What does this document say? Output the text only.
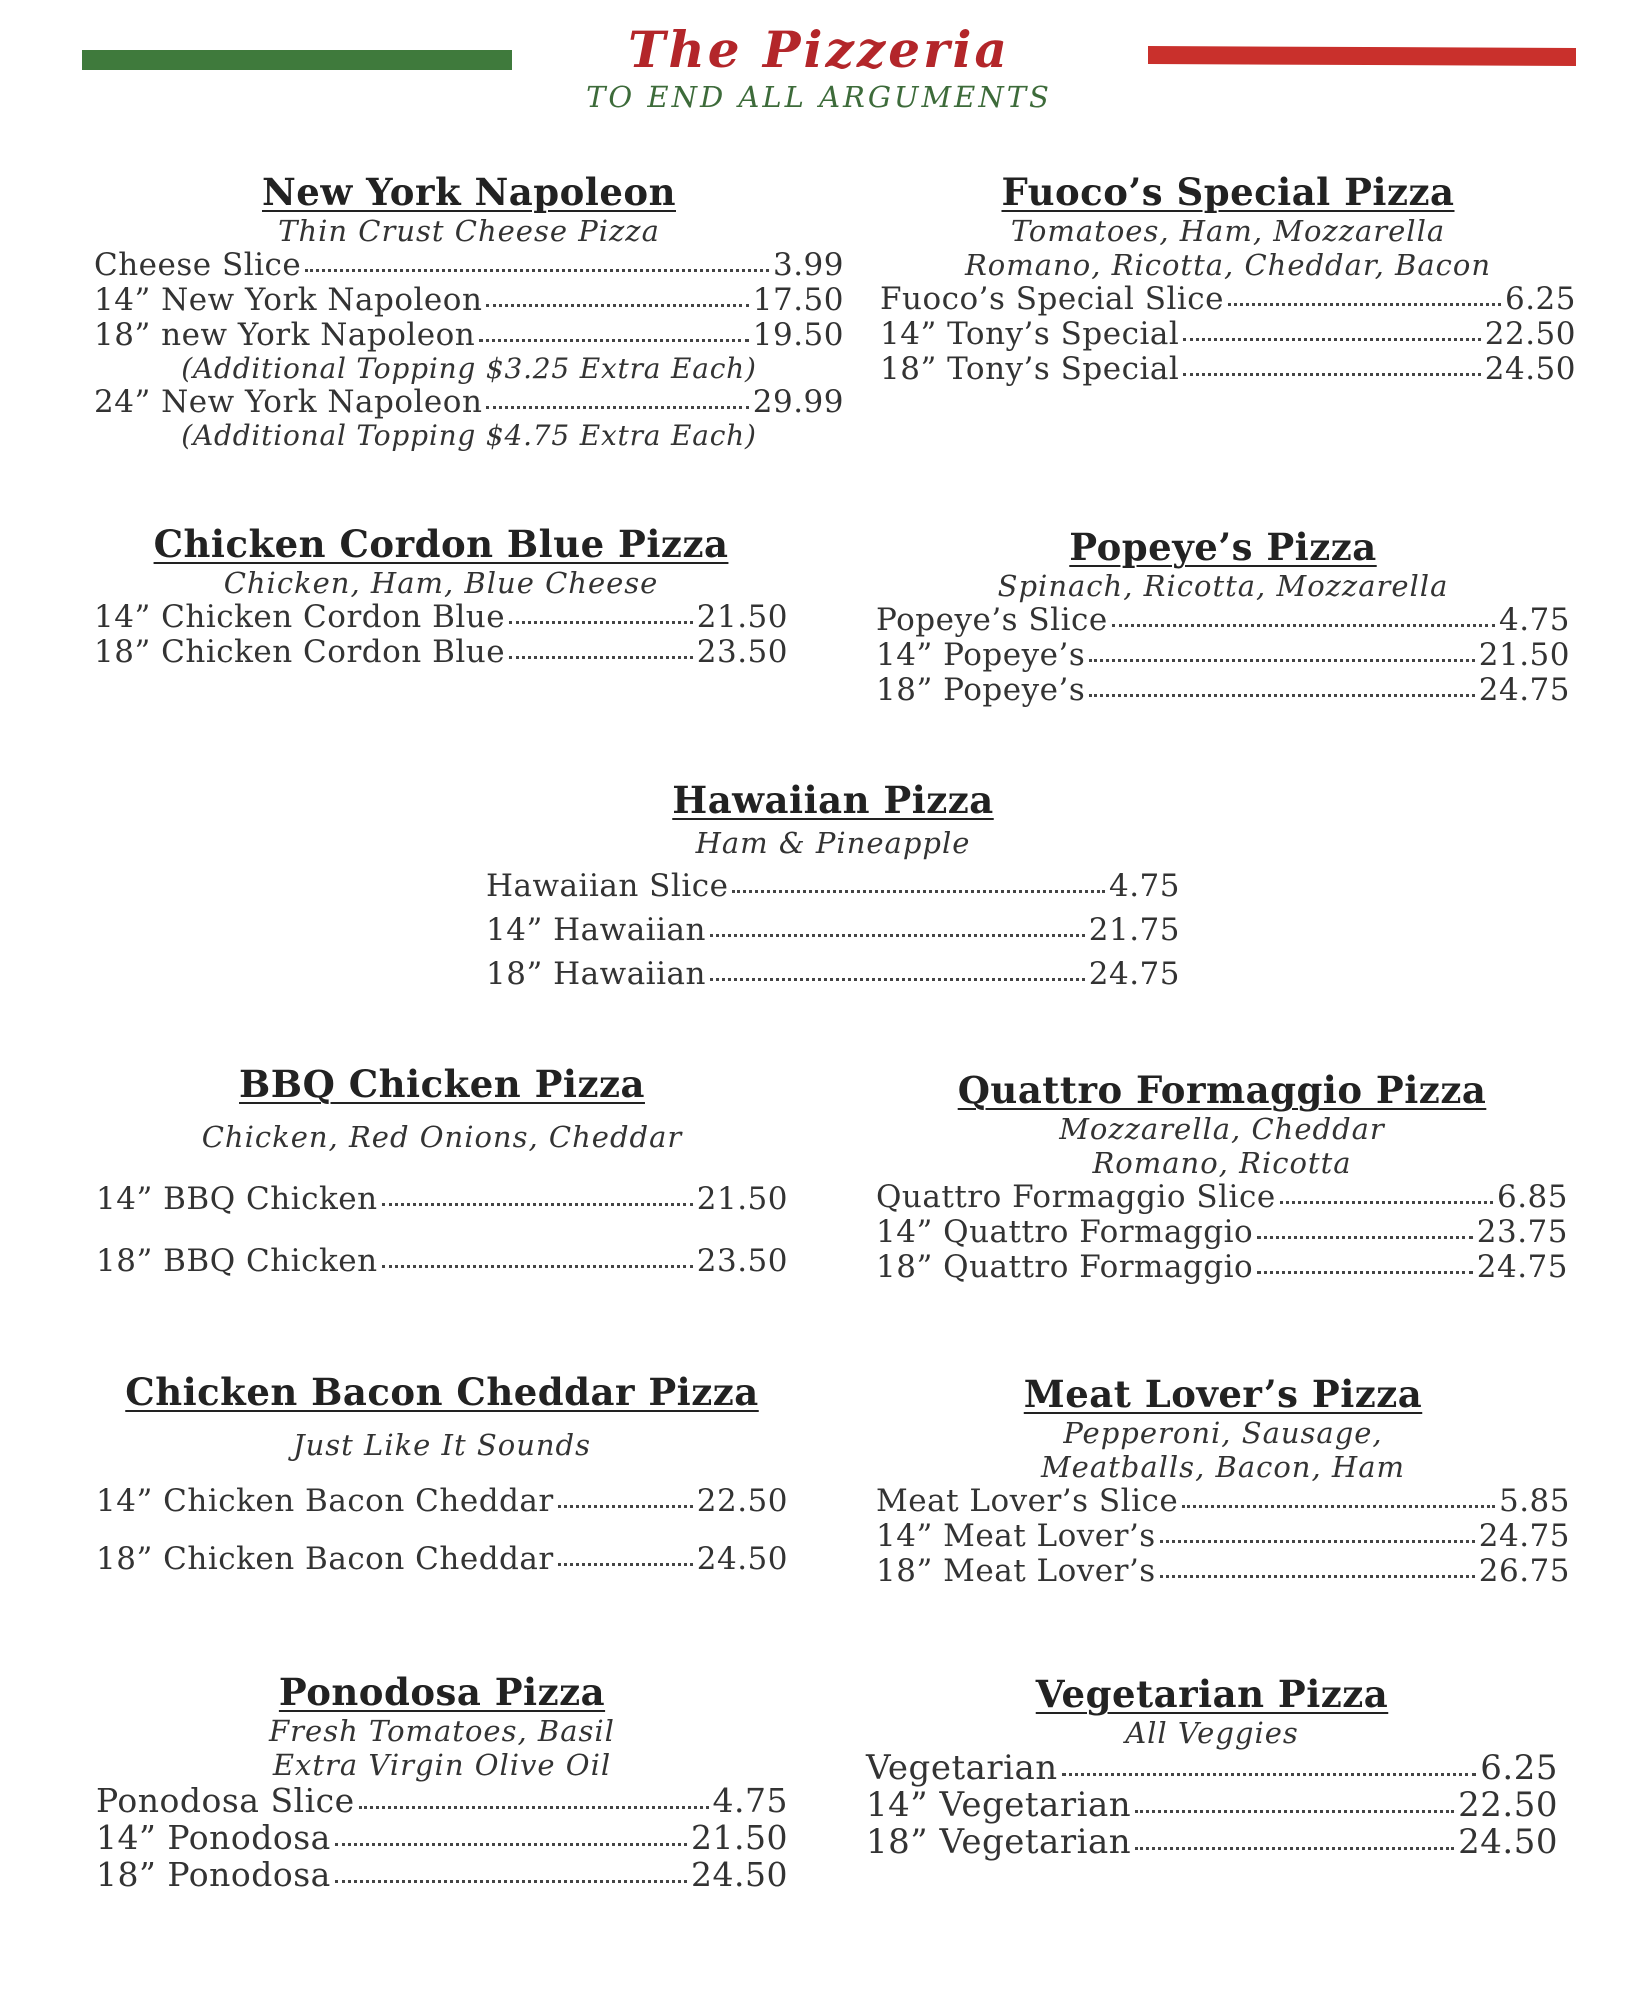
The Pizzeria
TO END ALL ARGUMENTS
New York Napoleon
Thin Crust Cheese Pizza
Cheese Slice	3.99
14” New York Napoleon	17.50
18” new York Napoleon	19.50
(Additional Topping $3.25 Extra Each)
24” New York Napoleon	29.99
(Additional Topping $4.75 Extra Each)
Fuoco’s Special Pizza
Tomatoes, Ham, Mozzarella
Romano, Ricotta, Cheddar, Bacon
Fuoco’s Special Slice	6.25
14” Tony’s Special	22.50
18” Tony’s Special	24.50
Chicken Cordon Blue Pizza
Chicken, Ham, Blue Cheese
14” Chicken Cordon Blue	21.50
18” Chicken Cordon Blue	23.50
Popeye’s Pizza
Spinach, Ricotta, Mozzarella
Popeye’s Slice	4.75
14” Popeye’s	21.50
18” Popeye’s	24.75
Hawaiian Pizza
Ham & Pineapple
Hawaiian Slice	4.75
14” Hawaiian	21.75
18” Hawaiian	24.75
BBQ Chicken Pizza
Chicken, Red Onions, Cheddar
14” BBQ Chicken	21.50
18” BBQ Chicken	23.50
Quattro Formaggio Pizza
Mozzarella, Cheddar
Romano, Ricotta
Quattro Formaggio Slice	6.85
14” Quattro Formaggio	23.75
18” Quattro Formaggio	24.75
Chicken Bacon Cheddar Pizza
Just Like It Sounds
14” Chicken Bacon Cheddar	22.50
18” Chicken Bacon Cheddar	24.50
Meat Lover’s Pizza
Pepperoni, Sausage,
Meatballs, Bacon, Ham
Meat Lover’s Slice	5.85
14” Meat Lover’s	24.75
18” Meat Lover’s	26.75
Ponodosa Pizza
Fresh Tomatoes, Basil
Extra Virgin Olive Oil
Ponodosa Slice	4.75
14” Ponodosa	21.50
18” Ponodosa	24.50
Vegetarian Pizza
All Veggies
Vegetarian	6.25
14” Vegetarian	22.50
18” Vegetarian	24.50
